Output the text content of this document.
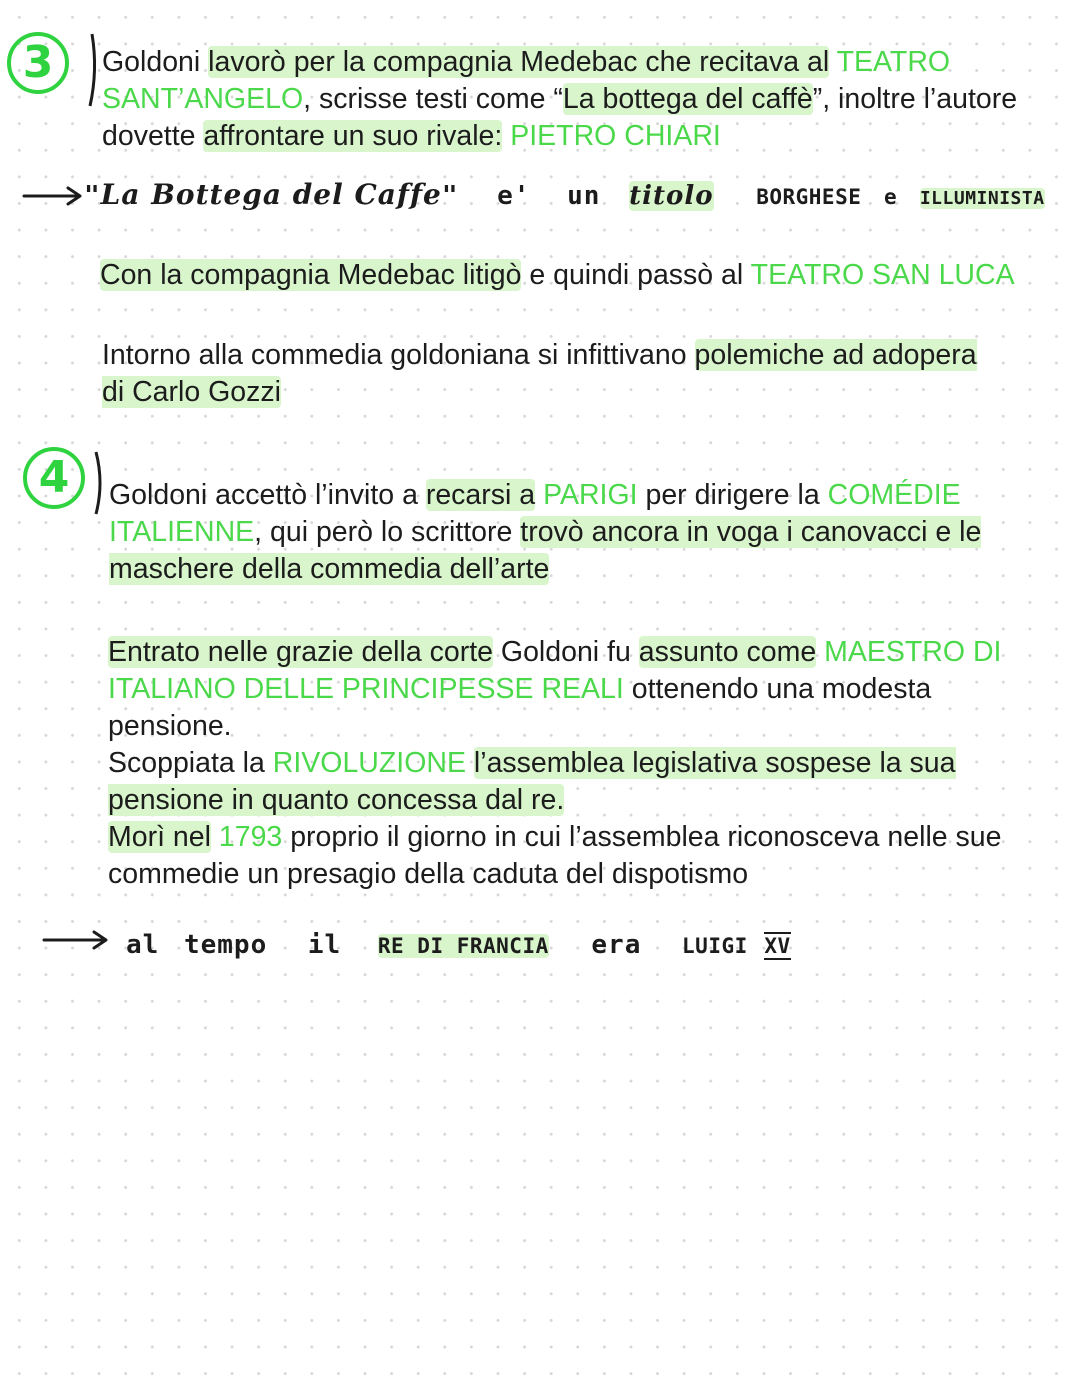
3 Goldoni lavorò per la compagnia Medebac che recitava al TEATRO SANT’ANGELO, scrisse testi come “La bottega del caffè”, inoltre l’autore dovette affrontare un suo rivale: PIETRO CHIARI

"La Bottega del Caffe" e' un titolo BORGHESE e ILLUMINISTA

Con la compagnia Medebac litigò e quindi passò al TEATRO SAN LUCA

Intorno alla commedia goldoniana si infittivano polemiche ad adopera di Carlo Gozzi

4 Goldoni accettò l’invito a recarsi a PARIGI per dirigere la COMÉDIE ITALIENNE, qui però lo scrittore trovò ancora in voga i canovacci e le maschere della commedia dell’arte

Entrato nelle grazie della corte Goldoni fu assunto come MAESTRO DI ITALIANO DELLE PRINCIPESSE REALI ottenendo una modesta pensione.

Scoppiata la RIVOLUZIONE l’assemblea legislativa sospese la sua pensione in quanto concessa dal re.

Morì nel 1793 proprio il giorno in cui l’assemblea riconosceva nelle sue commedie un presagio della caduta del dispotismo

al tempo il RE DI FRANCIA era LUIGI XV
